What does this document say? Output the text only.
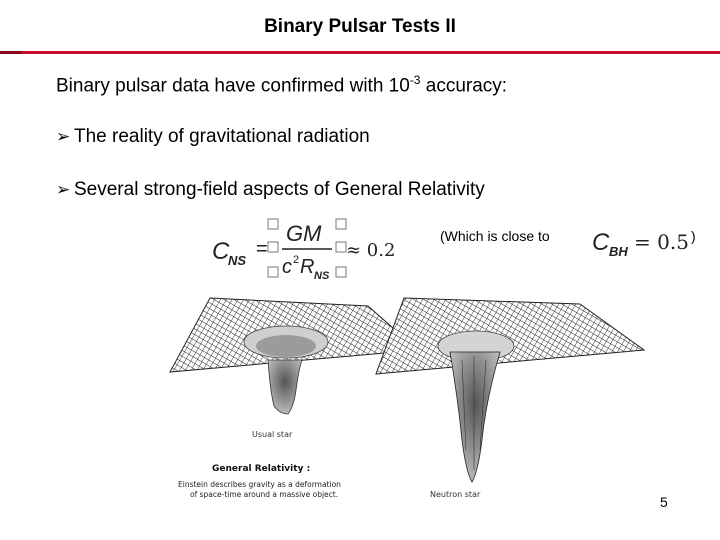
Binary Pulsar Tests II
Binary pulsar data have confirmed with $10^{-3}$ accuracy:
➢ The reality of gravitational radiation
➢ Several strong-field aspects of General Relativity
C
NS
=
GM
c 2 R NS
≈ 0.2
(Which is close to C BH = 0.5 )
Usual star
Neutron star
General Relativity :
Einstein describes gravity as a deformation
of space-time around a massive object.	5
